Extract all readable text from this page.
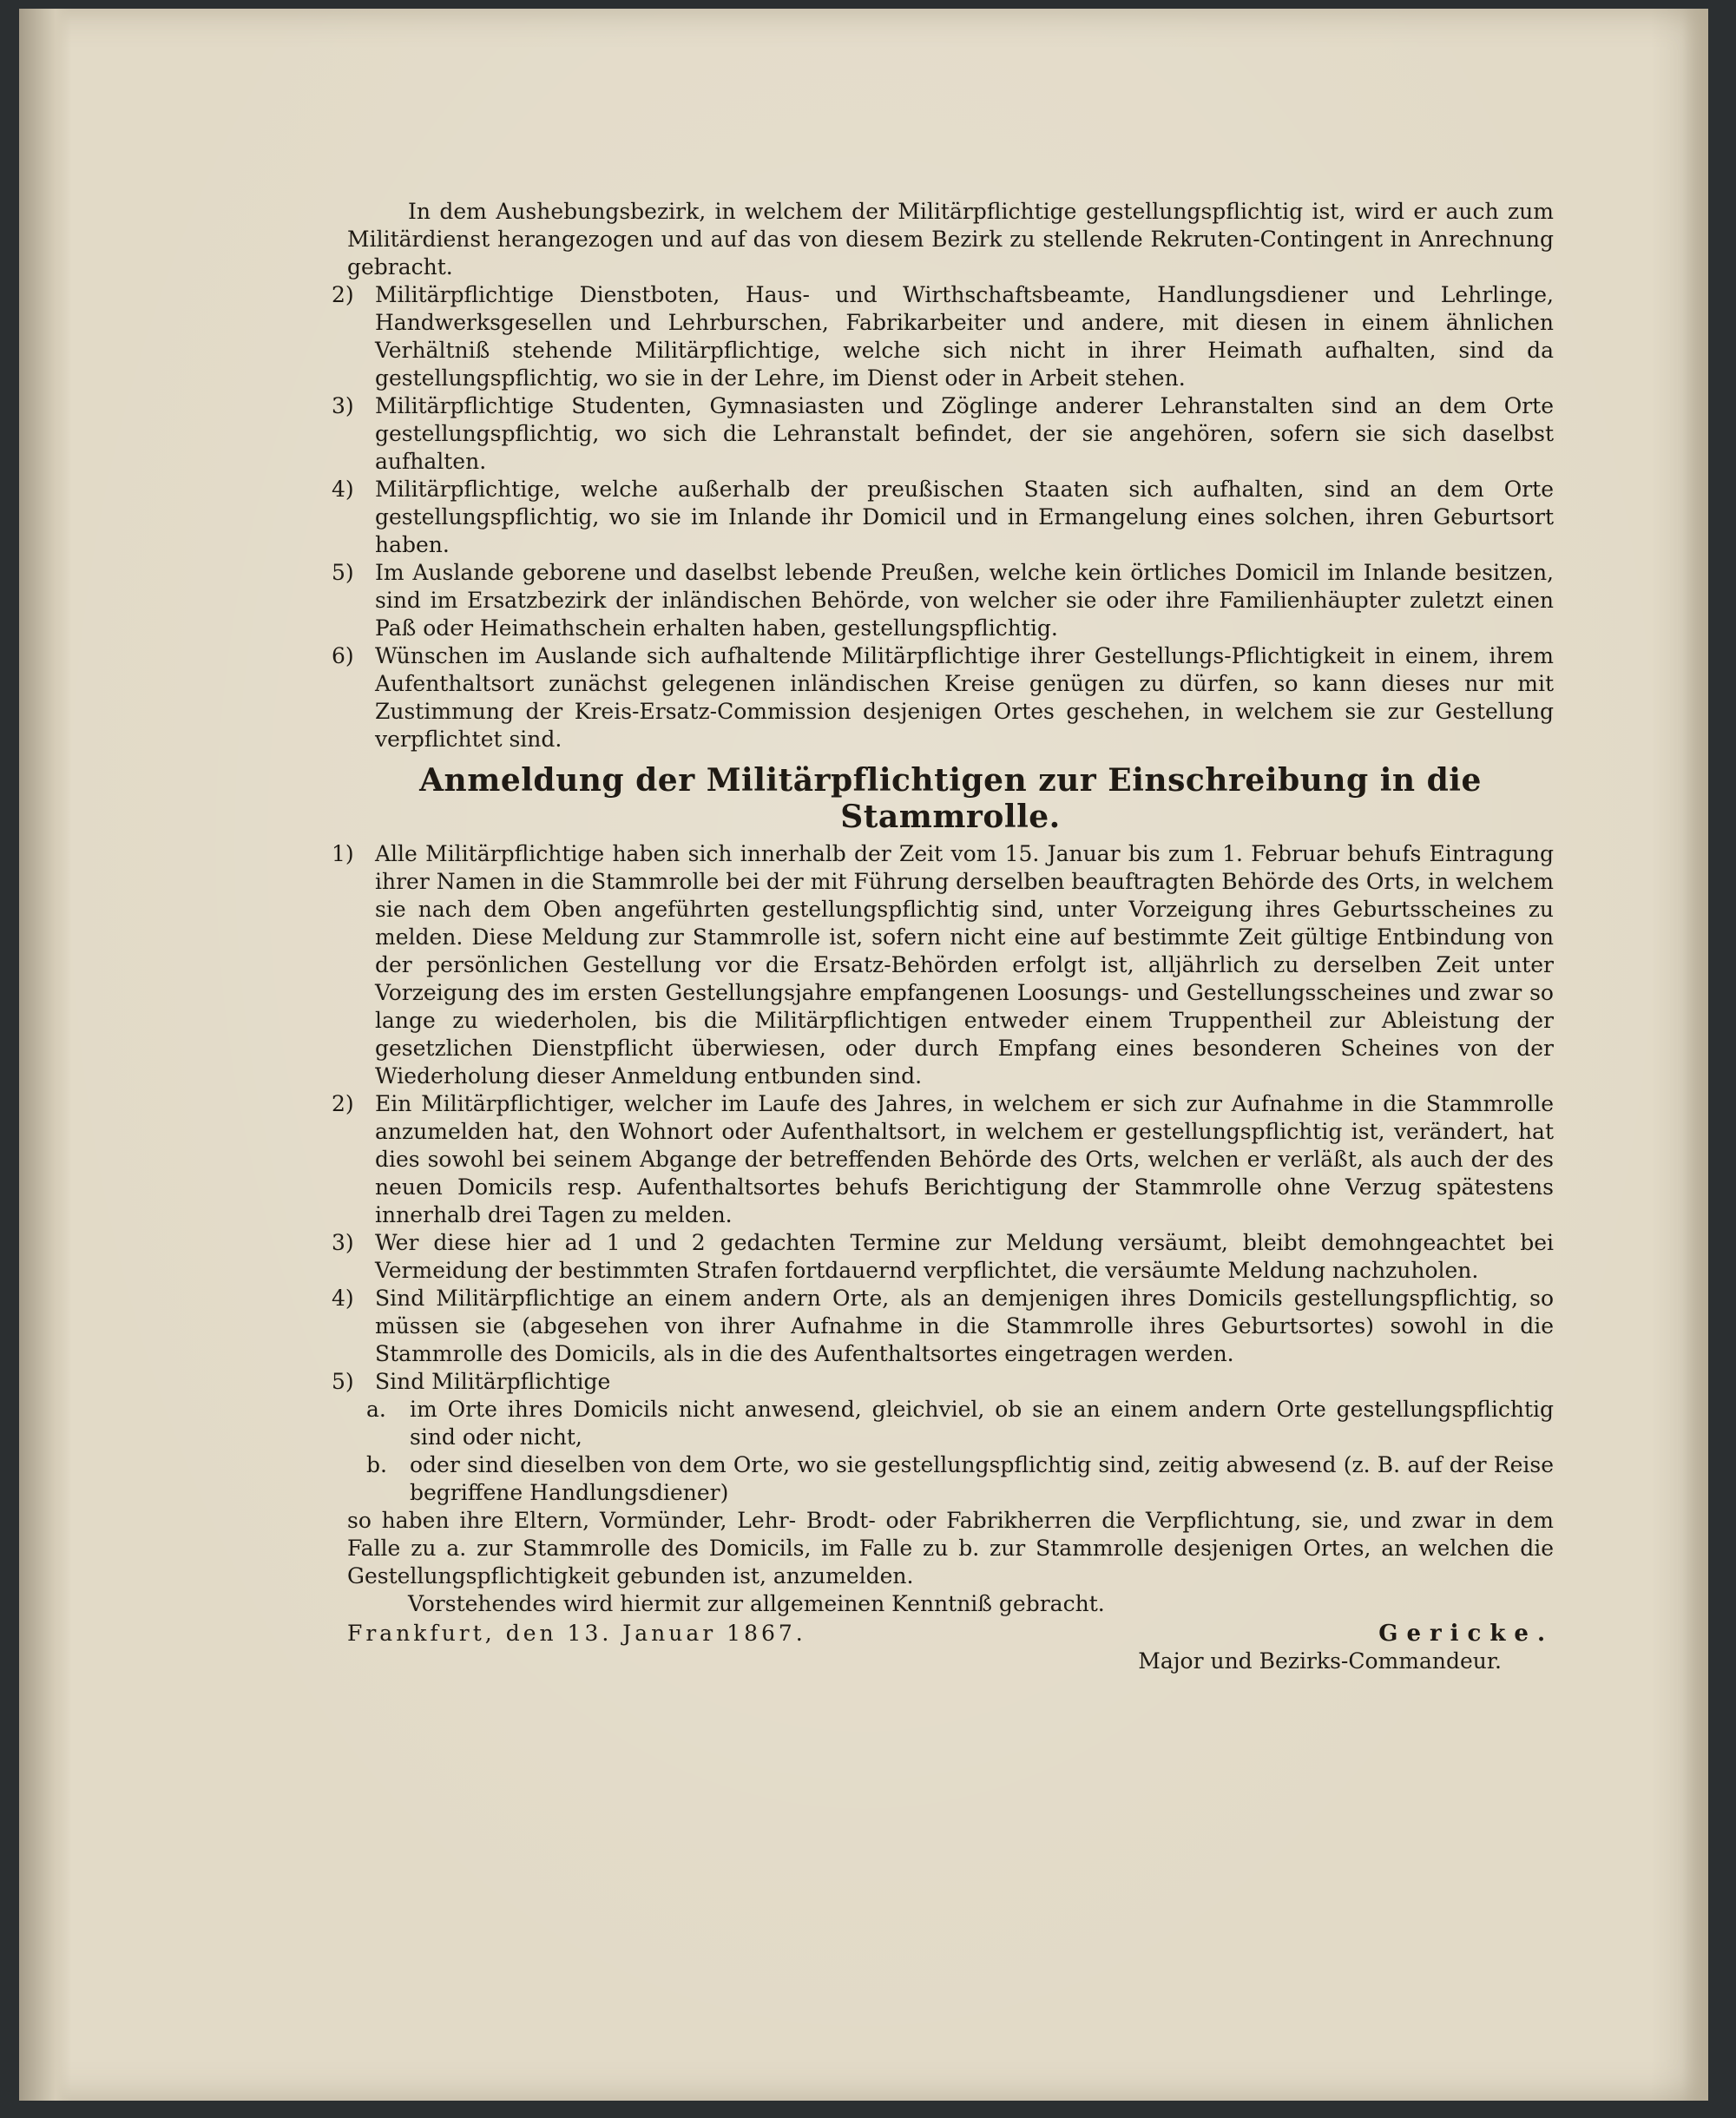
In dem Aushebungsbezirk, in welchem der Militärpflichtige gestellungspflichtig ist, wird er auch zum Militärdienst herangezogen und auf das von diesem Bezirk zu stellende Rekruten-Contingent in Anrechnung gebracht.

2) Militärpflichtige Dienstboten, Haus- und Wirthschaftsbeamte, Handlungsdiener und Lehrlinge, Handwerksgesellen und Lehrburschen, Fabrikarbeiter und andere, mit diesen in einem ähnlichen Verhältniß stehende Militärpflichtige, welche sich nicht in ihrer Heimath aufhalten, sind da gestellungspflichtig, wo sie in der Lehre, im Dienst oder in Arbeit stehen.

3) Militärpflichtige Studenten, Gymnasiasten und Zöglinge anderer Lehranstalten sind an dem Orte gestellungspflichtig, wo sich die Lehranstalt befindet, der sie angehören, sofern sie sich daselbst aufhalten.

4) Militärpflichtige, welche außerhalb der preußischen Staaten sich aufhalten, sind an dem Orte gestellungspflichtig, wo sie im Inlande ihr Domicil und in Ermangelung eines solchen, ihren Geburtsort haben.

5) Im Auslande geborene und daselbst lebende Preußen, welche kein örtliches Domicil im Inlande besitzen, sind im Ersatzbezirk der inländischen Behörde, von welcher sie oder ihre Familienhäupter zuletzt einen Paß oder Heimathschein erhalten haben, gestellungspflichtig.

6) Wünschen im Auslande sich aufhaltende Militärpflichtige ihrer Gestellungs-Pflichtigkeit in einem, ihrem Aufenthaltsort zunächst gelegenen inländischen Kreise genügen zu dürfen, so kann dieses nur mit Zustimmung der Kreis-Ersatz-Commission desjenigen Ortes geschehen, in welchem sie zur Gestellung verpflichtet sind.

Anmeldung der Militärpflichtigen zur Einschreibung in die Stammrolle.

1) Alle Militärpflichtige haben sich innerhalb der Zeit vom 15. Januar bis zum 1. Februar behufs Eintragung ihrer Namen in die Stammrolle bei der mit Führung derselben beauftragten Behörde des Orts, in welchem sie nach dem Oben angeführten gestellungspflichtig sind, unter Vorzeigung ihres Geburtsscheines zu melden. Diese Meldung zur Stammrolle ist, sofern nicht eine auf bestimmte Zeit gültige Entbindung von der persönlichen Gestellung vor die Ersatz-Behörden erfolgt ist, alljährlich zu derselben Zeit unter Vorzeigung des im ersten Gestellungsjahre empfangenen Loosungs- und Gestellungsscheines und zwar so lange zu wiederholen, bis die Militärpflichtigen entweder einem Truppentheil zur Ableistung der gesetzlichen Dienstpflicht überwiesen, oder durch Empfang eines besonderen Scheines von der Wiederholung dieser Anmeldung entbunden sind.

2) Ein Militärpflichtiger, welcher im Laufe des Jahres, in welchem er sich zur Aufnahme in die Stammrolle anzumelden hat, den Wohnort oder Aufenthaltsort, in welchem er gestellungspflichtig ist, verändert, hat dies sowohl bei seinem Abgange der betreffenden Behörde des Orts, welchen er verläßt, als auch der des neuen Domicils resp. Aufenthaltsortes behufs Berichtigung der Stammrolle ohne Verzug spätestens innerhalb drei Tagen zu melden.

3) Wer diese hier ad 1 und 2 gedachten Termine zur Meldung versäumt, bleibt demohngeachtet bei Vermeidung der bestimmten Strafen fortdauernd verpflichtet, die versäumte Meldung nachzuholen.

4) Sind Militärpflichtige an einem andern Orte, als an demjenigen ihres Domicils gestellungspflichtig, so müssen sie (abgesehen von ihrer Aufnahme in die Stammrolle ihres Geburtsortes) sowohl in die Stammrolle des Domicils, als in die des Aufenthaltsortes eingetragen werden.

5) Sind Militärpflichtige

a. im Orte ihres Domicils nicht anwesend, gleichviel, ob sie an einem andern Orte gestellungspflichtig sind oder nicht,

b. oder sind dieselben von dem Orte, wo sie gestellungspflichtig sind, zeitig abwesend (z. B. auf der Reise begriffene Handlungsdiener)

so haben ihre Eltern, Vormünder, Lehr- Brodt- oder Fabrikherren die Verpflichtung, sie, und zwar in dem Falle zu a. zur Stammrolle des Domicils, im Falle zu b. zur Stammrolle desjenigen Ortes, an welchen die Gestellungspflichtigkeit gebunden ist, anzumelden.

Vorstehendes wird hiermit zur allgemeinen Kenntniß gebracht.

Frankfurt, den 13. Januar 1867.	Gericke.

Major und Bezirks-Commandeur.
